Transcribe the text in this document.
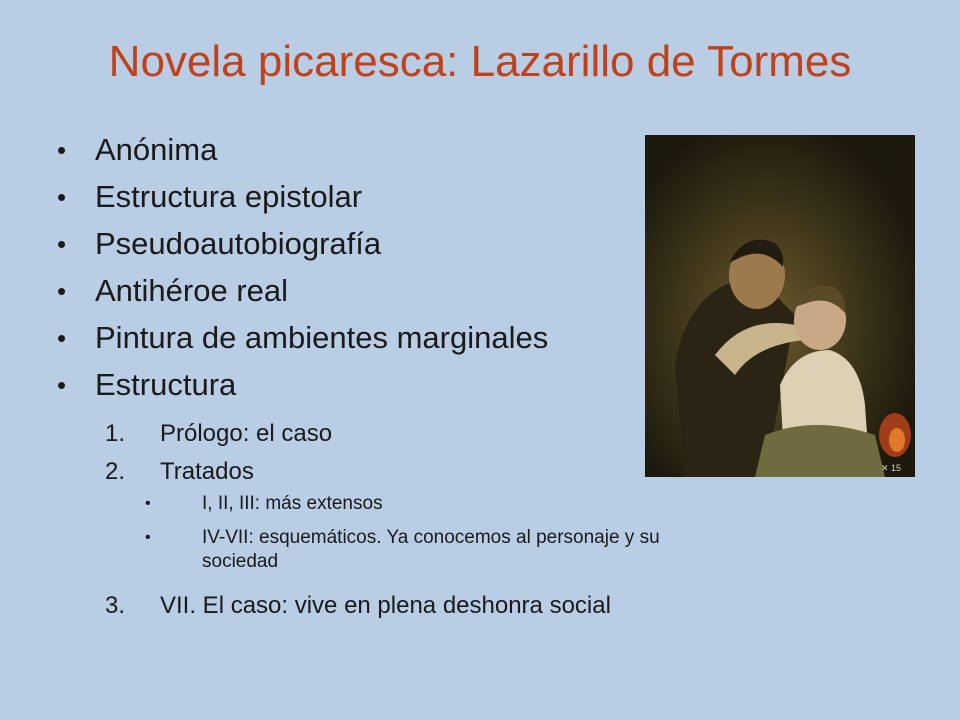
Novela picaresca: Lazarillo de Tormes
• Anónima
• Estructura epistolar
• Pseudoautobiografía
• Antihéroe real
• Pintura de ambientes marginales
• Estructura
1. Prólogo: el caso
2. Tratados
•	I, II, III: más extensos
•	IV-VII: esquemáticos. Ya conocemos al personaje y su sociedad
3. VII. El caso: vive en plena deshonra social
✕ 15
